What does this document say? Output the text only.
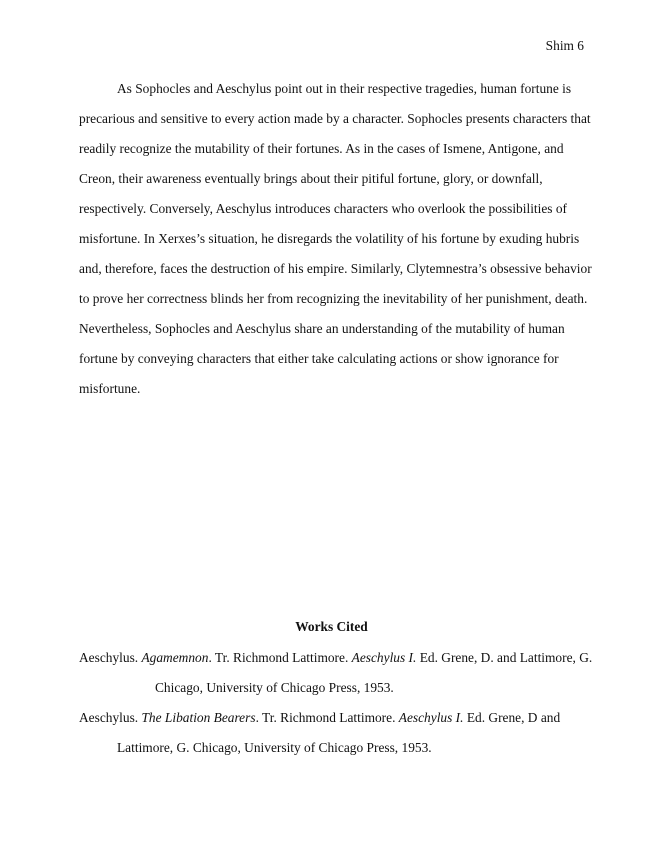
Shim 6
As Sophocles and Aeschylus point out in their respective tragedies, human fortune is
precarious and sensitive to every action made by a character. Sophocles presents characters that
readily recognize the mutability of their fortunes. As in the cases of Ismene, Antigone, and
Creon, their awareness eventually brings about their pitiful fortune, glory, or downfall,
respectively. Conversely, Aeschylus introduces characters who overlook the possibilities of
misfortune. In Xerxes’s situation, he disregards the volatility of his fortune by exuding hubris
and, therefore, faces the destruction of his empire. Similarly, Clytemnestra’s obsessive behavior
to prove her correctness blinds her from recognizing the inevitability of her punishment, death.
Nevertheless, Sophocles and Aeschylus share an understanding of the mutability of human
fortune by conveying characters that either take calculating actions or show ignorance for
misfortune.
Works Cited
Aeschylus. Agamemnon. Tr. Richmond Lattimore. Aeschylus I. Ed. Grene, D. and Lattimore, G.
Chicago, University of Chicago Press, 1953.
Aeschylus. The Libation Bearers. Tr. Richmond Lattimore. Aeschylus I. Ed. Grene, D and
Lattimore, G. Chicago, University of Chicago Press, 1953.
